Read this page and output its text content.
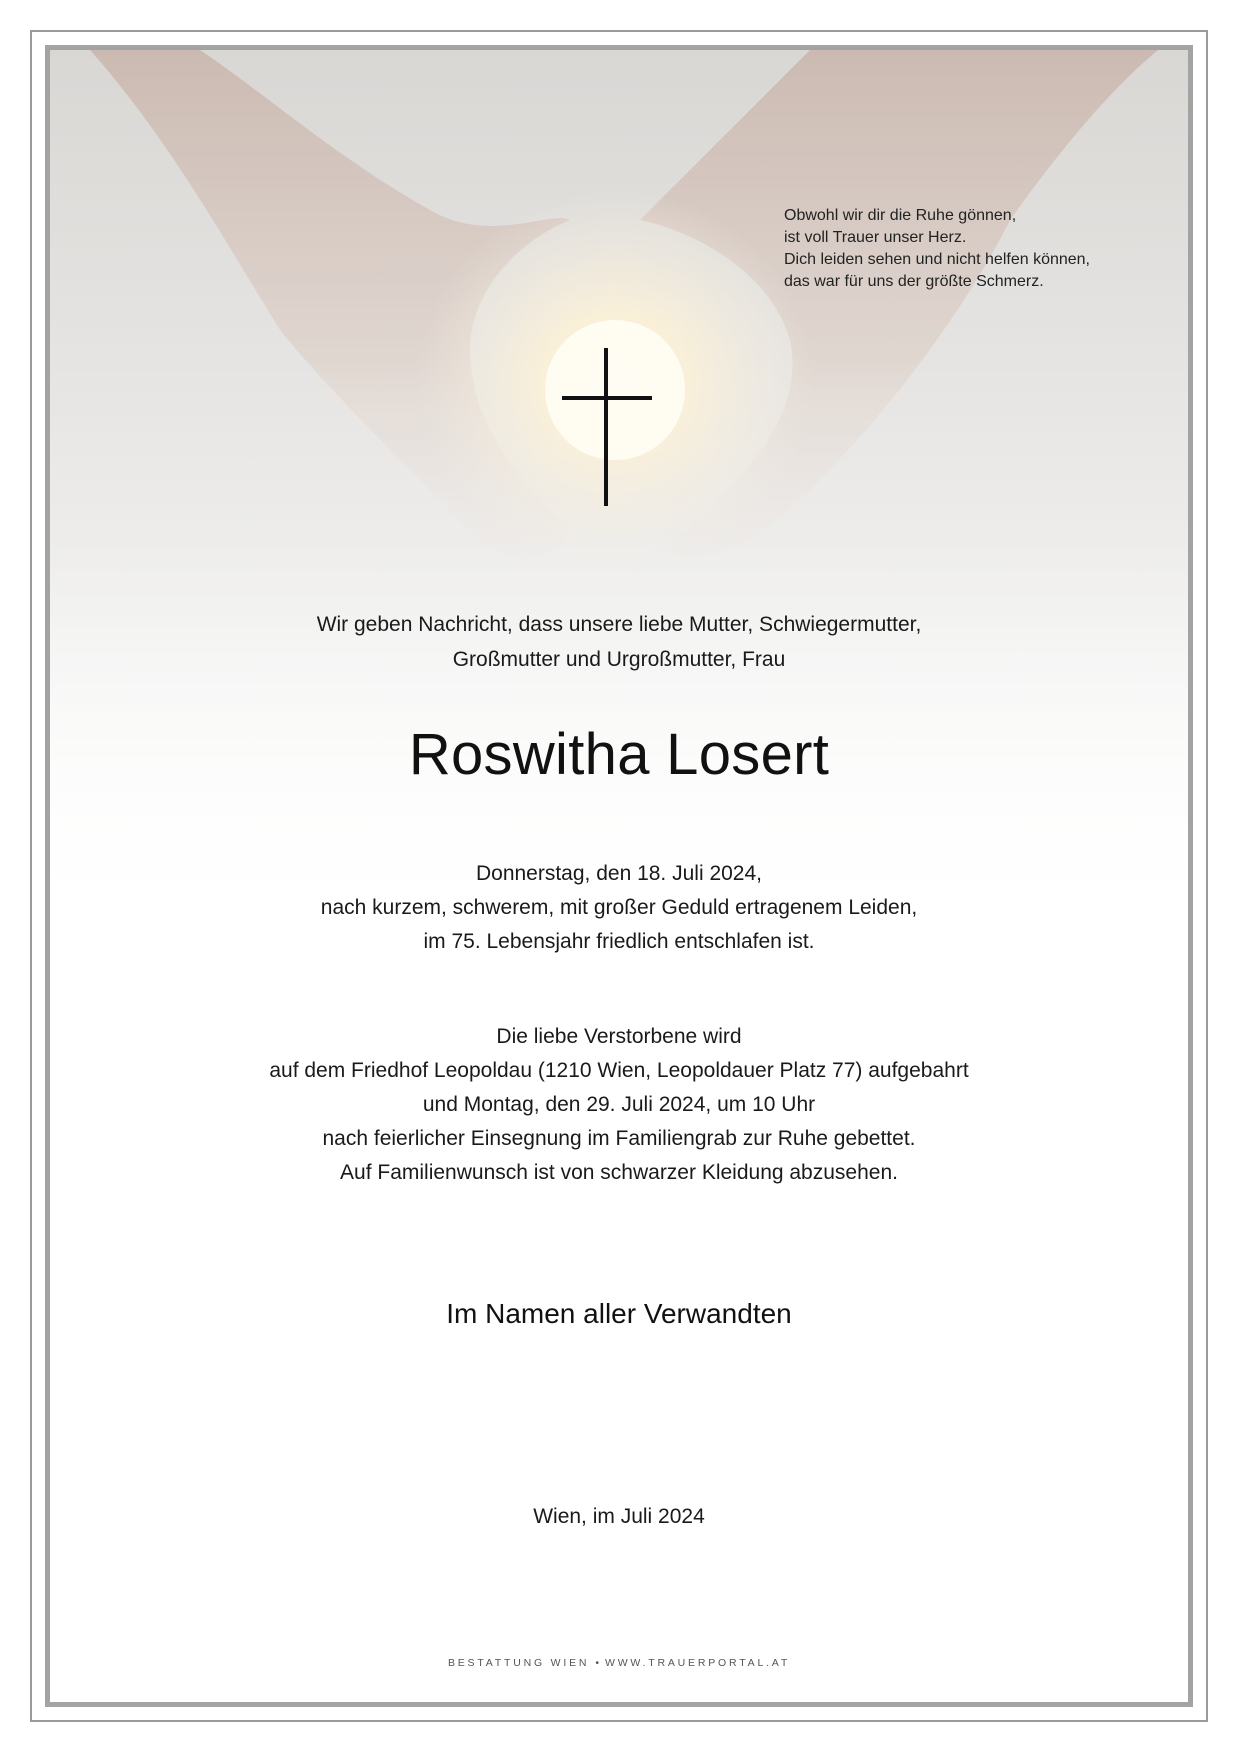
Obwohl wir dir die Ruhe gönnen,
ist voll Trauer unser Herz.
Dich leiden sehen und nicht helfen können,
das war für uns der größte Schmerz.
Wir geben Nachricht, dass unsere liebe Mutter, Schwiegermutter,
Großmutter und Urgroßmutter, Frau
Roswitha Losert
Donnerstag, den 18. Juli 2024,
nach kurzem, schwerem, mit großer Geduld ertragenem Leiden,
im 75. Lebensjahr friedlich entschlafen ist.
Die liebe Verstorbene wird
auf dem Friedhof Leopoldau (1210 Wien, Leopoldauer Platz 77) aufgebahrt
und Montag, den 29. Juli 2024, um 10 Uhr
nach feierlicher Einsegnung im Familiengrab zur Ruhe gebettet.
Auf Familienwunsch ist von schwarzer Kleidung abzusehen.
Im Namen aller Verwandten
Wien, im Juli 2024
BESTATTUNG WIEN • WWW.TRAUERPORTAL.AT
